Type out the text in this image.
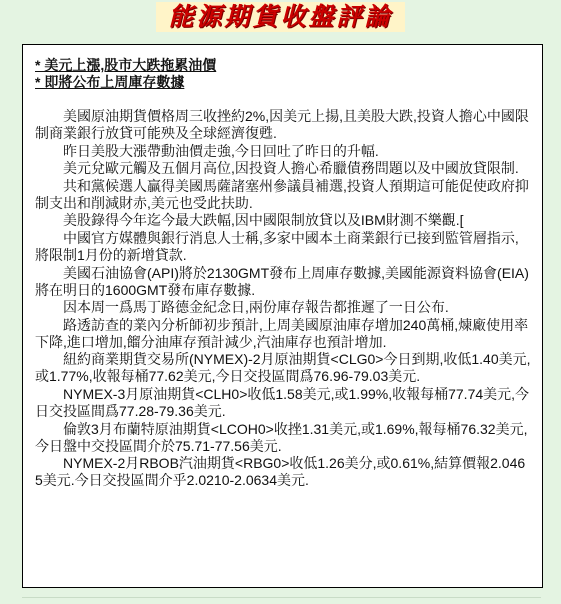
能源期貨收盤評論
* 美元上漲,股市大跌拖累油價
* 即將公布上周庫存數據

美國原油期貨價格周三收挫約2%,因美元上揚,且美股大跌,投資人擔心中國限制商業銀行放貸可能殃及全球經濟復甦.

昨日美股大漲帶動油價走強,今日回吐了昨日的升幅.

美元兌歐元觸及五個月高位,因投資人擔心希臘債務問題以及中國放貸限制.

共和黨候選人贏得美國馬薩諸塞州參議員補選,投資人預期這可能促使政府抑制支出和削減財赤,美元也受此扶助.

美股錄得今年迄今最大跌幅,因中國限制放貸以及IBM財測不樂觀.[

中國官方媒體與銀行消息人士稱,多家中國本土商業銀行已接到監管層指示,將限制1月份的新增貸款.

美國石油協會(API)將於2130GMT發布上周庫存數據,美國能源資料協會(EIA)將在明日的1600GMT發布庫存數據.

因本周一爲馬丁路德金紀念日,兩份庫存報告都推遲了一日公布.

路透訪查的業內分析師初步預計,上周美國原油庫存增加240萬桶,煉廠使用率下降,進口增加,餾分油庫存預計減少,汽油庫存也預計增加.

紐約商業期貨交易所(NYMEX)-2月原油期貨<CLG0>今日到期,收低1.40美元,或1.77%,收報每桶77.62美元,今日交投區間爲76.96-79.03美元.

NYMEX-3月原油期貨<CLH0>收低1.58美元,或1.99%,收報每桶77.74美元,今日交投區間爲77.28-79.36美元.

倫敦3月布蘭特原油期貨<LCOH0>收挫1.31美元,或1.69%,報每桶76.32美元,今日盤中交投區間介於75.71-77.56美元.

NYMEX-2月RBOB汽油期貨<RBG0>收低1.26美分,或0.61%,結算價報2.0465美元.今日交投區間介乎2.0210-2.0634美元.
